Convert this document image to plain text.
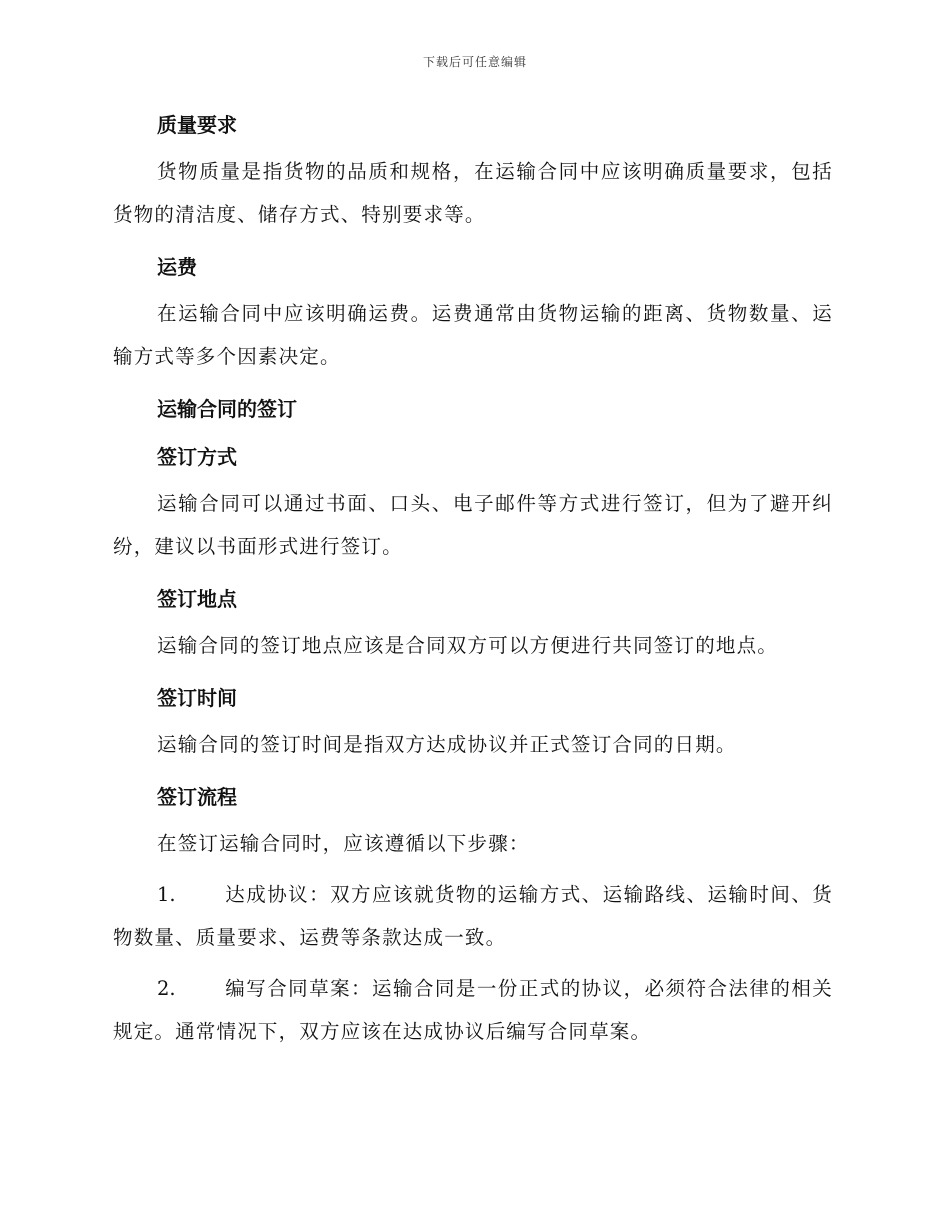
下载后可任意编辑
质量要求

货物质量是指货物的品质和规格，在运输合同中应该明确质量要求，包括货物的清洁度、储存方式、特别要求等。

运费

在运输合同中应该明确运费。运费通常由货物运输的距离、货物数量、运输方式等多个因素决定。

运输合同的签订
签订方式

运输合同可以通过书面、口头、电子邮件等方式进行签订，但为了避开纠纷，建议以书面形式进行签订。

签订地点

运输合同的签订地点应该是合同双方可以方便进行共同签订的地点。

签订时间

运输合同的签订时间是指双方达成协议并正式签订合同的日期。

签订流程

在签订运输合同时，应该遵循以下步骤：

1.	达成协议：双方应该就货物的运输方式、运输路线、运输时间、货物数量、质量要求、运费等条款达成一致。

2.	编写合同草案：运输合同是一份正式的协议，必须符合法律的相关规定。通常情况下，双方应该在达成协议后编写合同草案。
